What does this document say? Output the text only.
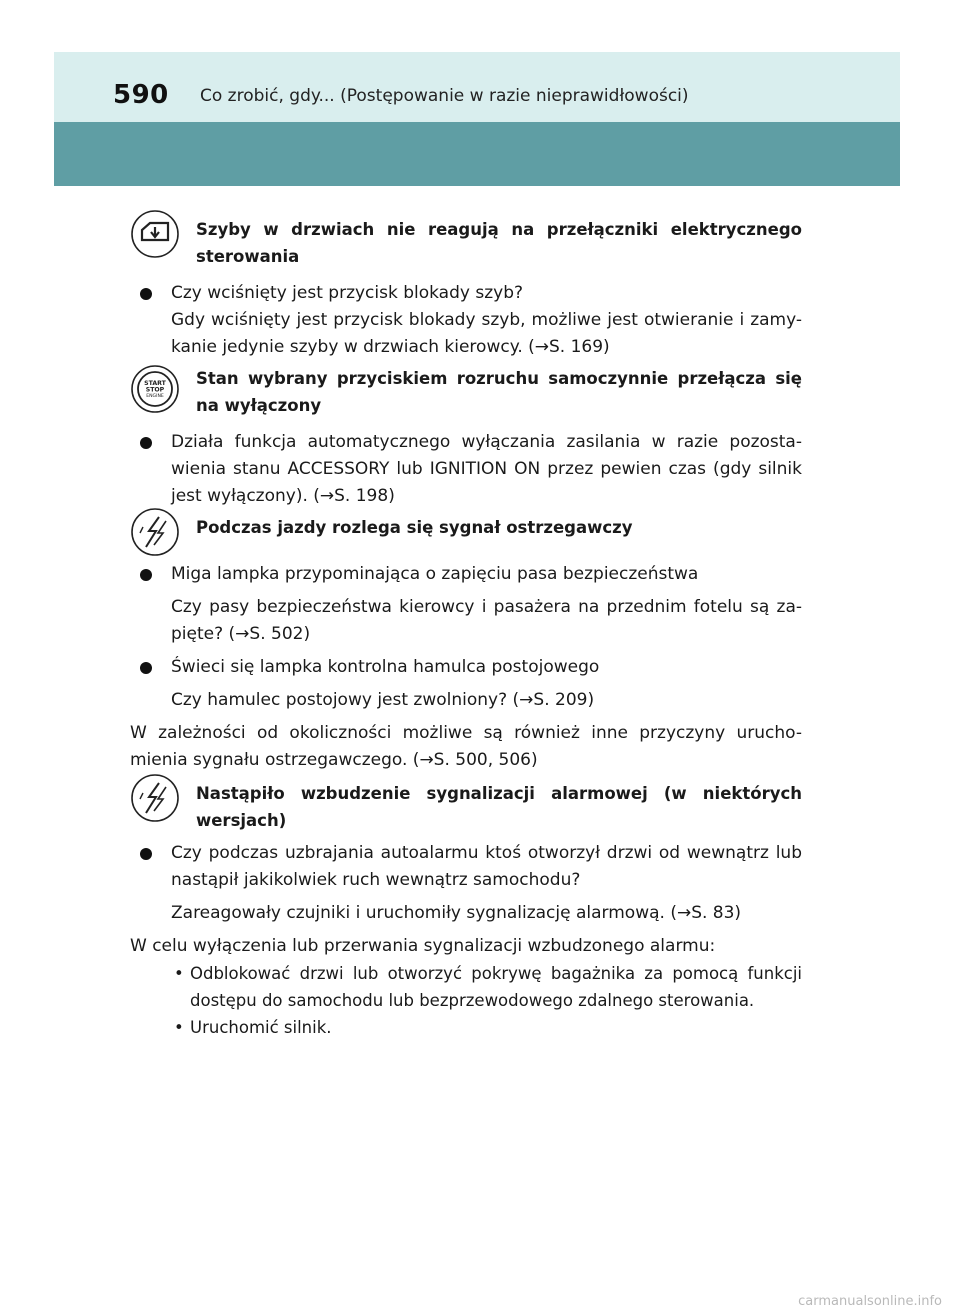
590 Co zrobić, gdy... (Postępowanie w razie nieprawidłowości)
Szyby w drzwiach nie reagują na przełączniki elektrycznego sterowania
Czy wciśnięty jest przycisk blokady szyb?
Gdy wciśnięty jest przycisk blokady szyb, możliwe jest otwieranie i zamy-kanie jedynie szyby w drzwiach kierowcy. (→S. 169)
START
STOP
ENGINE
Stan wybrany przyciskiem rozruchu samoczynnie przełącza się na wyłączony
Działa funkcja automatycznego wyłączania zasilania w razie pozosta-wienia stanu ACCESSORY lub IGNITION ON przez pewien czas (gdy silnik jest wyłączony). (→S. 198)
Podczas jazdy rozlega się sygnał ostrzegawczy
Miga lampka przypominająca o zapięciu pasa bezpieczeństwa
Czy pasy bezpieczeństwa kierowcy i pasażera na przednim fotelu są za-pięte? (→S. 502)
Świeci się lampka kontrolna hamulca postojowego
Czy hamulec postojowy jest zwolniony? (→S. 209)
W zależności od okoliczności możliwe są również inne przyczyny urucho-mienia sygnału ostrzegawczego. (→S. 500, 506)
Nastąpiło wzbudzenie sygnalizacji alarmowej (w niektórych wersjach)
Czy podczas uzbrajania autoalarmu ktoś otworzył drzwi od wewnątrz lub nastąpił jakikolwiek ruch wewnątrz samochodu?
Zareagowały czujniki i uruchomiły sygnalizację alarmową. (→S. 83)
W celu wyłączenia lub przerwania sygnalizacji wzbudzonego alarmu:
• Odblokować drzwi lub otworzyć pokrywę bagażnika za pomocą funkcji dostępu do samochodu lub bezprzewodowego zdalnego sterowania.
• Uruchomić silnik.
carmanualsonline.info
